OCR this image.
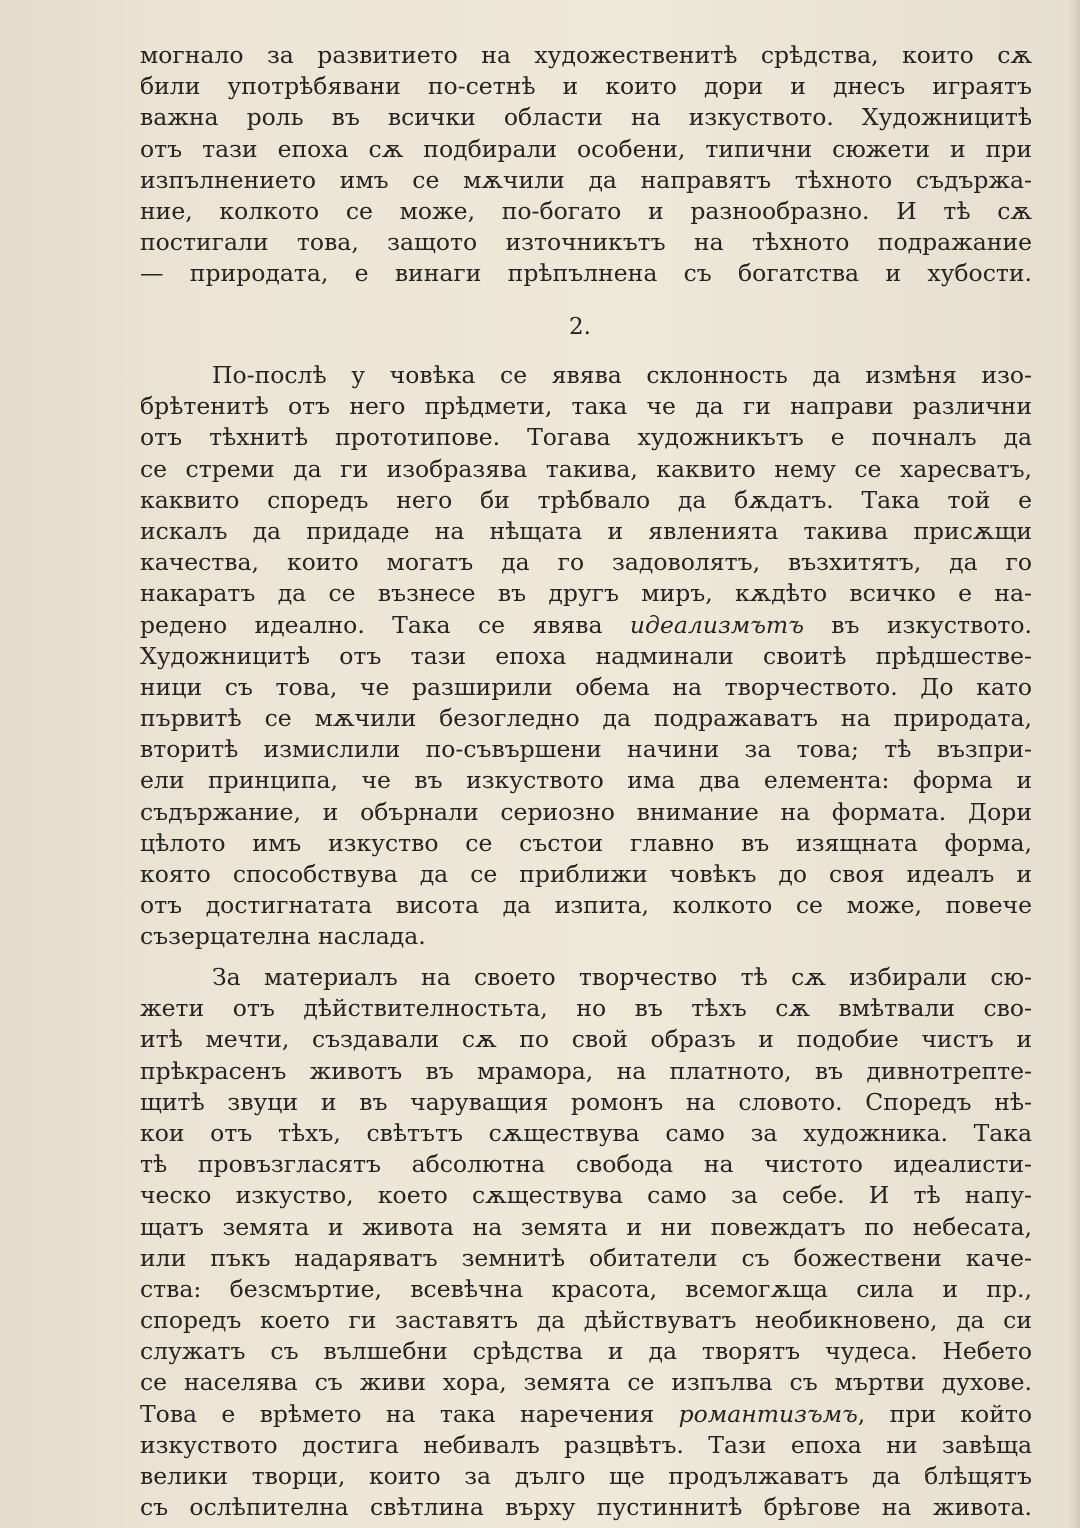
могнало за развитието на художественитѣ срѣдства, които сѫ
били употрѣбявани по-сетнѣ и които дори и днесъ играятъ
важна роль въ всички области на изкуството. Художницитѣ
отъ тази епоха сѫ подбирали особени, типични сюжети и при
изпълнението имъ се мѫчили да направятъ тѣхното съдържа-
ние, колкото се може, по-богато и разнообразно. И тѣ сѫ
постигали това, защото източникътъ на тѣхното подражание
— природата, е винаги прѣпълнена съ богатства и хубости.
2.
По-послѣ у човѣка се явява склонность да измѣня изо-
брѣтенитѣ отъ него прѣдмети, така че да ги направи различни
отъ тѣхнитѣ прототипове. Тогава художникътъ е почналъ да
се стреми да ги изобразява такива, каквито нему се харесватъ,
каквито споредъ него би трѣбвало да бѫдатъ. Така той е
искалъ да придаде на нѣщата и явленията такива присѫщи
качества, които могатъ да го задоволятъ, възхитятъ, да го
накаратъ да се възнесе въ другъ миръ, кѫдѣто всичко е на-
редено идеално. Така се явява идеализмътъ въ изкуството.
Художницитѣ отъ тази епоха надминали своитѣ прѣдшестве-
ници съ това, че разширили обема на творчеството. До като
първитѣ се мѫчили безогледно да подражаватъ на природата,
вторитѣ измислили по-съвършени начини за това; тѣ възпри-
ели принципа, че въ изкуството има два елемента: форма и
съдържание, и обърнали сериозно внимание на формата. Дори
цѣлото имъ изкуство се състои главно въ изящната форма,
която способствува да се приближи човѣкъ до своя идеалъ и
отъ достигнатата висота да изпита, колкото се може, повече
съзерцателна наслада.
За материалъ на своето творчество тѣ сѫ избирали сю-
жети отъ дѣйствителностьта, но въ тѣхъ сѫ вмѣтвали сво-
итѣ мечти, създавали сѫ по свой образъ и подобие чистъ и
прѣкрасенъ животъ въ мрамора, на платното, въ дивнотрепте-
щитѣ звуци и въ чаруващия ромонъ на словото. Споредъ нѣ-
кои отъ тѣхъ, свѣтътъ сѫществува само за художника. Така
тѣ провъзгласятъ абсолютна свобода на чистото идеалисти-
ческо изкуство, което сѫществува само за себе. И тѣ напу-
щатъ земята и живота на земята и ни повеждатъ по небесата,
или пъкъ надаряватъ земнитѣ обитатели съ божествени каче-
ства: безсмъртие, всевѣчна красота, всемогѫща сила и пр.,
споредъ което ги заставятъ да дѣйствуватъ необикновено, да си
служатъ съ вълшебни срѣдства и да творятъ чудеса. Небето
се населява съ живи хора, земята се изпълва съ мъртви духове.
Това е врѣмето на така наречения романтизъмъ, при който
изкуството достига небивалъ разцвѣтъ. Тази епоха ни завѣща
велики творци, които за дълго ще продължаватъ да блѣщятъ
съ ослѣпителна свѣтлина върху пустиннитѣ брѣгове на живота.
